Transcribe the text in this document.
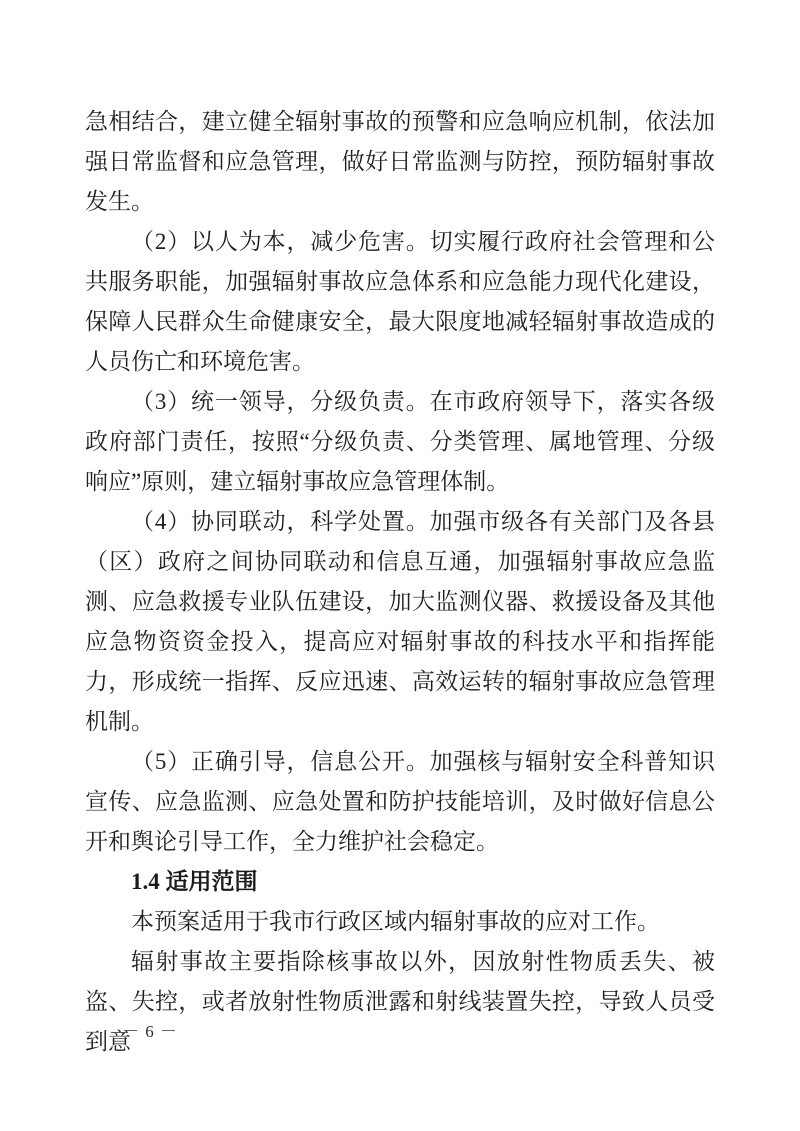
急相结合，建立健全辐射事故的预警和应急响应机制，依法加强日常监督和应急管理，做好日常监测与防控，预防辐射事故发生。

（2）以人为本，减少危害。切实履行政府社会管理和公共服务职能，加强辐射事故应急体系和应急能力现代化建设，保障人民群众生命健康安全，最大限度地减轻辐射事故造成的人员伤亡和环境危害。

（3）统一领导，分级负责。在市政府领导下，落实各级政府部门责任，按照“分级负责、分类管理、属地管理、分级响应”原则，建立辐射事故应急管理体制。

（4）协同联动，科学处置。加强市级各有关部门及各县（区）政府之间协同联动和信息互通，加强辐射事故应急监测、应急救援专业队伍建设，加大监测仪器、救援设备及其他应急物资资金投入，提高应对辐射事故的科技水平和指挥能力，形成统一指挥、反应迅速、高效运转的辐射事故应急管理机制。

（5）正确引导，信息公开。加强核与辐射安全科普知识宣传、应急监测、应急处置和防护技能培训，及时做好信息公开和舆论引导工作，全力维护社会稳定。

1.4 适用范围

本预案适用于我市行政区域内辐射事故的应对工作。

辐射事故主要指除核事故以外，因放射性物质丢失、被盗、失控，或者放射性物质泄露和射线装置失控，导致人员受到意

－ 6 －
